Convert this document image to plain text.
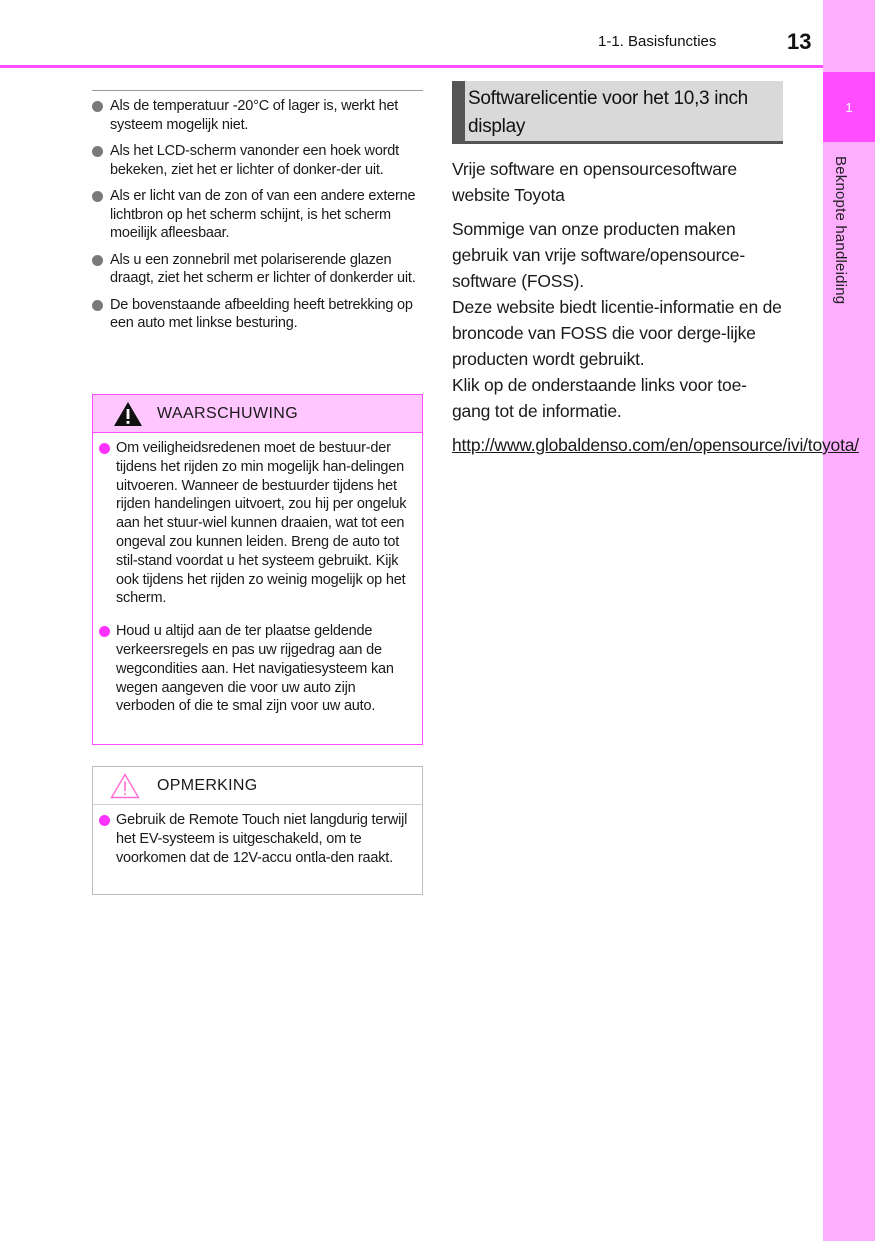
1-1. Basisfuncties	13
1
Beknopte handleiding
Als de temperatuur -20°C of lager is, werkt het systeem mogelijk niet.
Als het LCD-scherm vanonder een hoek wordt bekeken, ziet het er lichter of donker-der uit.
Als er licht van de zon of van een andere externe lichtbron op het scherm schijnt, is het scherm moeilijk afleesbaar.
Als u een zonnebril met polariserende glazen draagt, ziet het scherm er lichter of donkerder uit.
De bovenstaande afbeelding heeft betrekking op een auto met linkse besturing.
WAARSCHUWING
Om veiligheidsredenen moet de bestuur-der tijdens het rijden zo min mogelijk han-delingen uitvoeren. Wanneer de bestuurder tijdens het rijden handelingen uitvoert, zou hij per ongeluk aan het stuur-wiel kunnen draaien, wat tot een ongeval zou kunnen leiden. Breng de auto tot stil-stand voordat u het systeem gebruikt. Kijk ook tijdens het rijden zo weinig mogelijk op het scherm.
Houd u altijd aan de ter plaatse geldende verkeersregels en pas uw rijgedrag aan de wegcondities aan. Het navigatiesysteem kan wegen aangeven die voor uw auto zijn verboden of die te smal zijn voor uw auto.
OPMERKING
Gebruik de Remote Touch niet langdurig terwijl het EV-systeem is uitgeschakeld, om te voorkomen dat de 12V-accu ontla-den raakt.
Softwarelicentie voor het 10,3 inch display

Vrije software en opensourcesoftware website Toyota

Sommige van onze producten maken gebruik van vrije software/opensource-software (FOSS).

Deze website biedt licentie-informatie en de broncode van FOSS die voor derge-lijke producten wordt gebruikt.

Klik op de onderstaande links voor toe-gang tot de informatie.

http://www.globaldenso.com/en/opensource/ivi/toyota/
